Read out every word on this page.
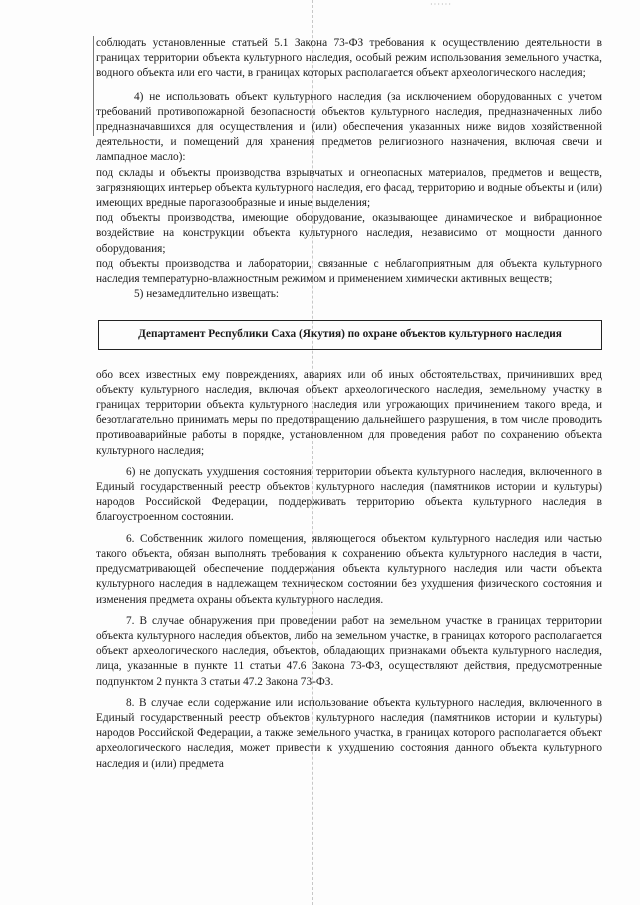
······

соблюдать установленные статьей 5.1 Закона 73-ФЗ требования к осуществлению деятельности в границах территории объекта культурного наследия, особый режим использования земельного участка, водного объекта или его части, в границах которых располагается объект археологического наследия;

4) не использовать объект культурного наследия (за исключением оборудованных с учетом требований противопожарной безопасности объектов культурного наследия, предназначенных либо предназначавшихся для осуществления и (или) обеспечения указанных ниже видов хозяйственной деятельности, и помещений для хранения предметов религиозного назначения, включая свечи и лампадное масло):

под склады и объекты производства взрывчатых и огнеопасных материалов, предметов и веществ, загрязняющих интерьер объекта культурного наследия, его фасад, территорию и водные объекты и (или) имеющих вредные парогазообразные и иные выделения;

под объекты производства, имеющие оборудование, оказывающее динамическое и вибрационное воздействие на конструкции объекта культурного наследия, независимо от мощности данного оборудования;

под объекты производства и лаборатории, связанные с неблагоприятным для объекта культурного наследия температурно-влажностным режимом и применением химически активных веществ;

5) незамедлительно извещать:

Департамент Республики Саха (Якутия) по охране объектов культурного наследия

обо всех известных ему повреждениях, авариях или об иных обстоятельствах, причинивших вред объекту культурного наследия, включая объект археологического наследия, земельному участку в границах территории объекта культурного наследия или угрожающих причинением такого вреда, и безотлагательно принимать меры по предотвращению дальнейшего разрушения, в том числе проводить противоаварийные работы в порядке, установленном для проведения работ по сохранению объекта культурного наследия;

6) не допускать ухудшения состояния территории объекта культурного наследия, включенного в Единый государственный реестр объектов культурного наследия (памятников истории и культуры) народов Российской Федерации, поддерживать территорию объекта культурного наследия в благоустроенном состоянии.

6. Собственник жилого помещения, являющегося объектом культурного наследия или частью такого объекта, обязан выполнять требования к сохранению объекта культурного наследия в части, предусматривающей обеспечение поддержания объекта культурного наследия или части объекта культурного наследия в надлежащем техническом состоянии без ухудшения физического состояния и изменения предмета охраны объекта культурного наследия.

7. В случае обнаружения при проведении работ на земельном участке в границах территории объекта культурного наследия объектов, либо на земельном участке, в границах которого располагается объект археологического наследия, объектов, обладающих признаками объекта культурного наследия, лица, указанные в пункте 11 статьи 47.6 Закона 73-ФЗ, осуществляют действия, предусмотренные подпунктом 2 пункта 3 статьи 47.2 Закона 73-ФЗ.

8. В случае если содержание или использование объекта культурного наследия, включенного в Единый государственный реестр объектов культурного наследия (памятников истории и культуры) народов Российской Федерации, а также земельного участка, в границах которого располагается объект археологического наследия, может привести к ухудшению состояния данного объекта культурного наследия и (или) предмета
